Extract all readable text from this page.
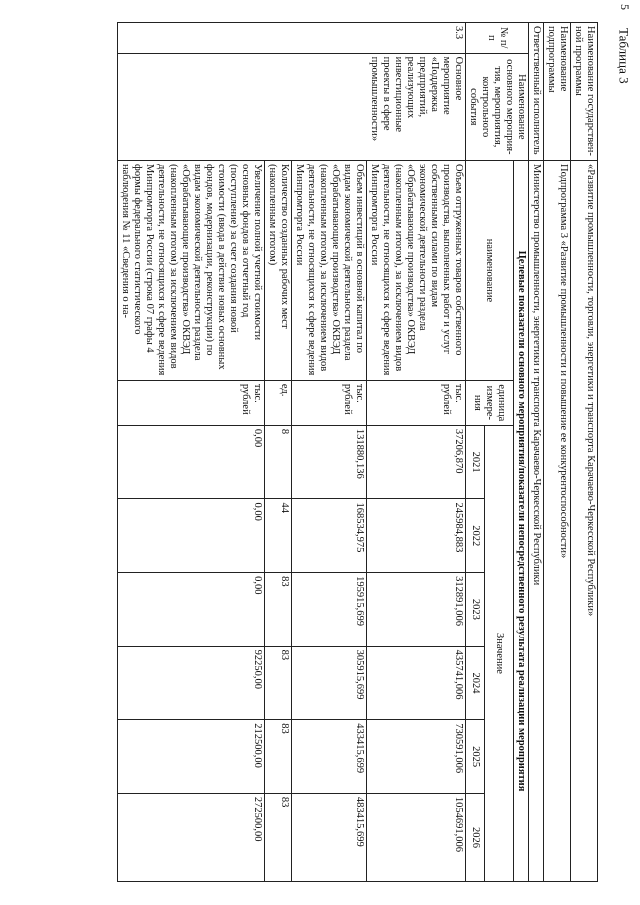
5
Таблица 3
Наименование государствен-ной программы		«Развитие промышленности, торговли, энергетики и транспорта Карачаево-Черкесской Республики»							
Наименование подпрограммы		Подпрограмма 3 «Развитие промышленности и повышение ее конкурентоспособности»							
Ответственный исполнитель		Министерство промышленности, энергетики и транспорта Карачаево-Черкесской Республики							
№ п/п	Наименование основного мероприя-тия, мероприятия, контрольного события	Целевые показатели основного мероприятия/показатели непосредственного результата реализации мероприятия							
		наименование	единица измере-ния	Значение					
				2021	2022	2023	2024	2025	2026
3.3	Основное мероприятие «Поддержка предприятий, реализующих инвестиционные проекты в сфере промышленности»	Объем отгруженных товаров собственного производства, выполненных работ и услуг собственными силами по видам экономической деятельности раздела «Обрабатывающие производства» ОКВЭД (накопленным итогом), за исключением видов деятельности, не относящихся к сфере ведения Минпромторга России	тыс. рублей	37206,870	245984,883	312891,006	435741,006	730591,006	1054691,006
		Объем инвестиций в основной капитал по видам экономической деятельности раздела «Обрабатывающие производства» ОКВЭД (накопленным итогом), за исключением видов деятельности, не относящихся к сфере ведения Минпромторга России	тыс. рублей	131880,136	168534,975	195915,699	305915,699	433415,699	483415,699
		Количество созданных рабочих мест (накопленным итогом)	ед.	8	44	83	83	83	83
		Увеличение полной учетной стоимости основных фондов за отчетный год (поступление) за счет создания новой стоимости (ввода в действие новых основных фондов, модернизации, реконструкции) по видам экономической деятельности раздела «Обрабатывающие производства» ОКВЭД (накопленным итогом) за исключением видов деятельности, не относящихся к сфере ведения Минпромторга России (строка 07 графы 4 формы федерального статистического наблюдения № 11 «Сведения о на-	тыс. рублей	0,00	0,00	0,00	92250,00	212500,00	272500,00
